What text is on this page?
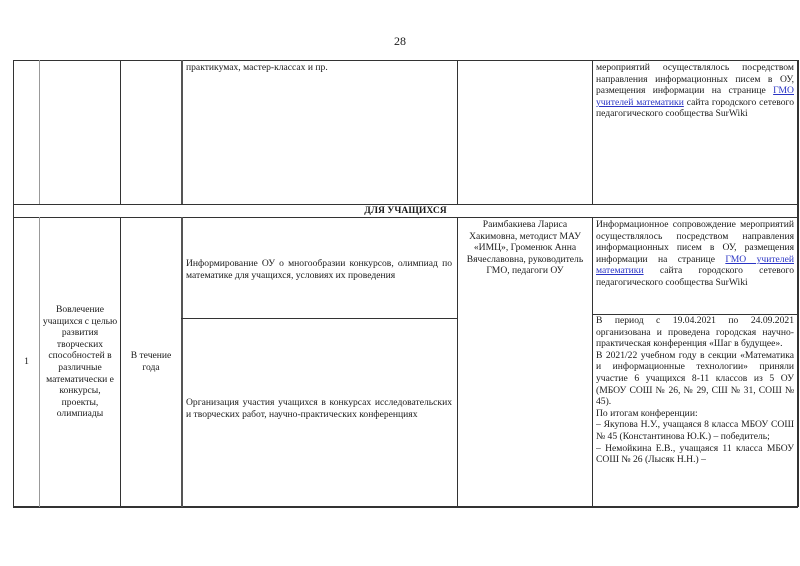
28
практикумах, мастер-классах и пр.	мероприятий осуществлялось посредством направления информационных писем в ОУ, размещения информации на странице ГМО учителей математики сайта городского сетевого педагогического сообщества SurWiki
ДЛЯ УЧАЩИХСЯ
1
Вовлечение учащихся с целью развития творческих способностей в различные математически е конкурсы, проекты, олимпиады
В течение года
Информирование ОУ о многообразии конкурсов, олимпиад по математике для учащихся, условиях их проведения
Организация участия учащихся в конкурсах исследовательских и творческих работ, научно-практических конференциях
Раимбакиева Лариса Хакимовна, методист МАУ «ИМЦ», Громенюк Анна Вячеславовна, руководитель ГМО, педагоги ОУ
Информационное сопровождение мероприятий осуществлялось посредством направления информационных писем в ОУ, размещения информации на странице ГМО учителей математики сайта городского сетевого педагогического сообщества SurWiki
В период с 19.04.2021 по 24.09.2021 организована и проведена городская научно-практическая конференция «Шаг в будущее».
В 2021/22 учебном году в секции «Математика и информационные технологии» приняли участие 6 учащихся 8-11 классов из 5 ОУ (МБОУ СОШ № 26, № 29, СШ № 31, СОШ № 45).
По итогам конференции:
– Якупова Н.У., учащаяся 8 класса МБОУ СОШ № 45 (Константинова Ю.К.) – победитель;
– Немойкина Е.В., учащаяся 11 класса МБОУ СОШ № 26 (Лысяк Н.Н.) –
